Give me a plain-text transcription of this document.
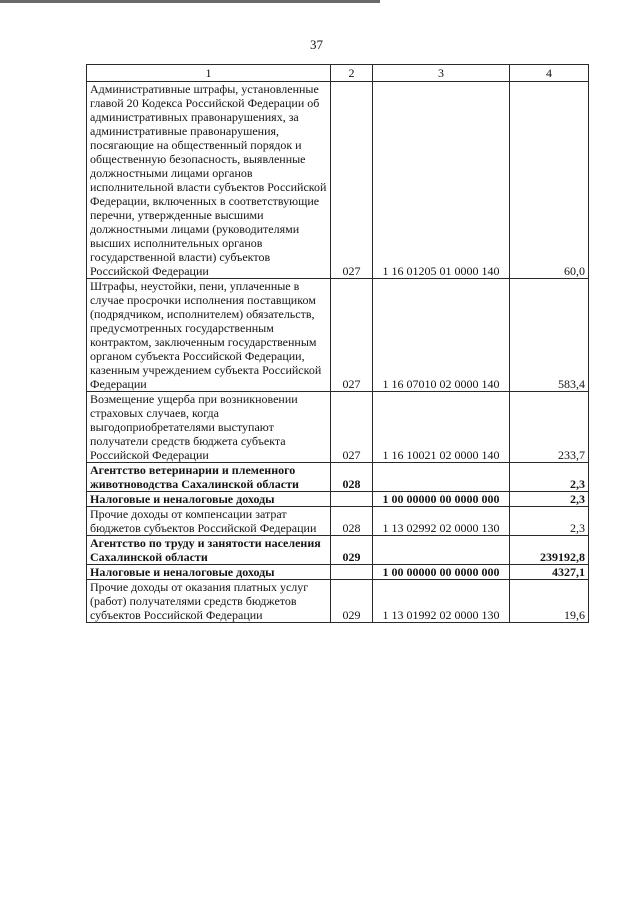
37
1	2	3	4
Административные штрафы, установленные главой 20 Кодекса Российской Федерации об административных правонарушениях, за административные правонарушения, посягающие на общественный порядок и общественную безопасность, выявленные должностными лицами органов исполнительной власти субъектов Российской Федерации, включенных в соответствующие перечни, утвержденные высшими должностными лицами (руководителями высших исполнительных органов государственной власти) субъектов Российской Федерации	027	1 16 01205 01 0000 140	60,0
Штрафы, неустойки, пени, уплаченные в случае просрочки исполнения поставщиком (подрядчиком, исполнителем) обязательств, предусмотренных государственным контрактом, заключенным государственным органом субъекта Российской Федерации, казенным учреждением субъекта Российской Федерации	027	1 16 07010 02 0000 140	583,4
Возмещение ущерба при возникновении страховых случаев, когда выгодоприобретателями выступают получатели средств бюджета субъекта Российской Федерации	027	1 16 10021 02 0000 140	233,7
Агентство ветеринарии и племенного животноводства Сахалинской области	028		2,3
Налоговые и неналоговые доходы		1 00 00000 00 0000 000	2,3
Прочие доходы от компенсации затрат бюджетов субъектов Российской Федерации	028	1 13 02992 02 0000 130	2,3
Агентство по труду и занятости населения Сахалинской области	029		239192,8
Налоговые и неналоговые доходы		1 00 00000 00 0000 000	4327,1
Прочие доходы от оказания платных услуг (работ) получателями средств бюджетов субъектов Российской Федерации	029	1 13 01992 02 0000 130	19,6
